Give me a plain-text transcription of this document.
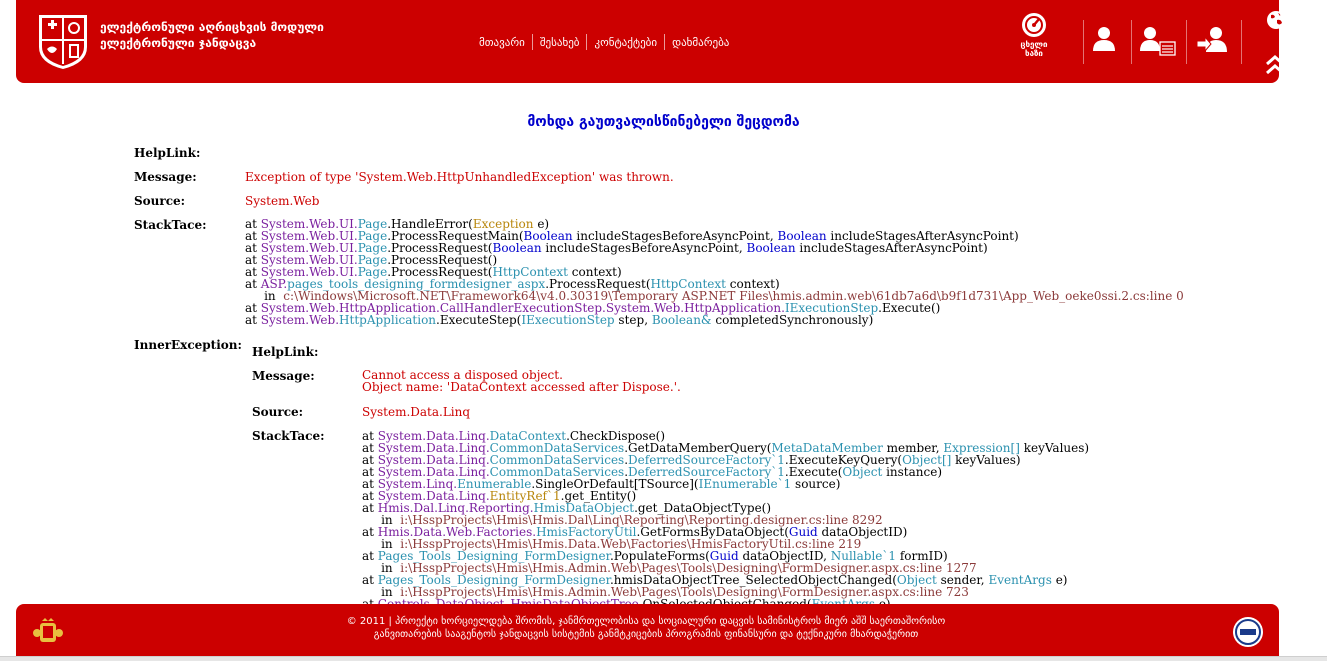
ელექტრონული აღრიცხვის მოდული
ელექტრონული ჯანდაცვა	მთავარი	შესახებ	კონტაქტები	დახმარება	ცხელი
ხაზი
მოხდა გაუთვალისწინებელი შეცდომა
HelpLink:
Message:	Exception of type 'System.Web.HttpUnhandledException' was thrown.
Source:	System.Web
StackTace:	at System.Web.UI.Page.HandleError(Exception e)
at System.Web.UI.Page.ProcessRequestMain(Boolean includeStagesBeforeAsyncPoint, Boolean includeStagesAfterAsyncPoint)
at System.Web.UI.Page.ProcessRequest(Boolean includeStagesBeforeAsyncPoint, Boolean includeStagesAfterAsyncPoint)
at System.Web.UI.Page.ProcessRequest()
at System.Web.UI.Page.ProcessRequest(HttpContext context)
at ASP.pages_tools_designing_formdesigner_aspx.ProcessRequest(HttpContext context)
in  c:\Windows\Microsoft.NET\Framework64\v4.0.30319\Temporary ASP.NET Files\hmis.admin.web\61db7a6d\b9f1d731\App_Web_oeke0ssi.2.cs:line 0
at System.Web.HttpApplication.CallHandlerExecutionStep.System.Web.HttpApplication.IExecutionStep.Execute()
at System.Web.HttpApplication.ExecuteStep(IExecutionStep step, Boolean& completedSynchronously)
InnerException: HelpLink:
Message:	Cannot access a disposed object.
Object name: 'DataContext accessed after Dispose.'.
Source:	System.Data.Linq
StackTace:	at System.Data.Linq.DataContext.CheckDispose()
at System.Data.Linq.CommonDataServices.GetDataMemberQuery(MetaDataMember member, Expression[] keyValues)
at System.Data.Linq.CommonDataServices.DeferredSourceFactory`1.ExecuteKeyQuery(Object[] keyValues)
at System.Data.Linq.CommonDataServices.DeferredSourceFactory`1.Execute(Object instance)
at System.Linq.Enumerable.SingleOrDefault[TSource](IEnumerable`1 source)
at System.Data.Linq.EntityRef`1.get_Entity()
at Hmis.Dal.Linq.Reporting.HmisDataObject.get_DataObjectType()
in  i:\HsspProjects\Hmis\Hmis.Dal\Linq\Reporting\Reporting.designer.cs:line 8292
at Hmis.Data.Web.Factories.HmisFactoryUtil.GetFormsByDataObject(Guid dataObjectID)
in  i:\HsspProjects\Hmis\Hmis.Data.Web\Factories\HmisFactoryUtil.cs:line 219
at Pages_Tools_Designing_FormDesigner.PopulateForms(Guid dataObjectID, Nullable`1 formID)
in  i:\HsspProjects\Hmis\Hmis.Admin.Web\Pages\Tools\Designing\FormDesigner.aspx.cs:line 1277
at Pages_Tools_Designing_FormDesigner.hmisDataObjectTree_SelectedObjectChanged(Object sender, EventArgs e)
in  i:\HsspProjects\Hmis\Hmis.Admin.Web\Pages\Tools\Designing\FormDesigner.aspx.cs:line 723
© 2011 | პროექტი ხორციელდება შრომის, ჯანმრთელობისა და სოციალური დაცვის სამინისტროს მიერ აშშ საერთაშორისო
განვითარების სააგენტოს ჯანდაცვის სისტემის განმტკიცების პროგრამის ფინანსური და ტექნიკური მხარდაჭერით
